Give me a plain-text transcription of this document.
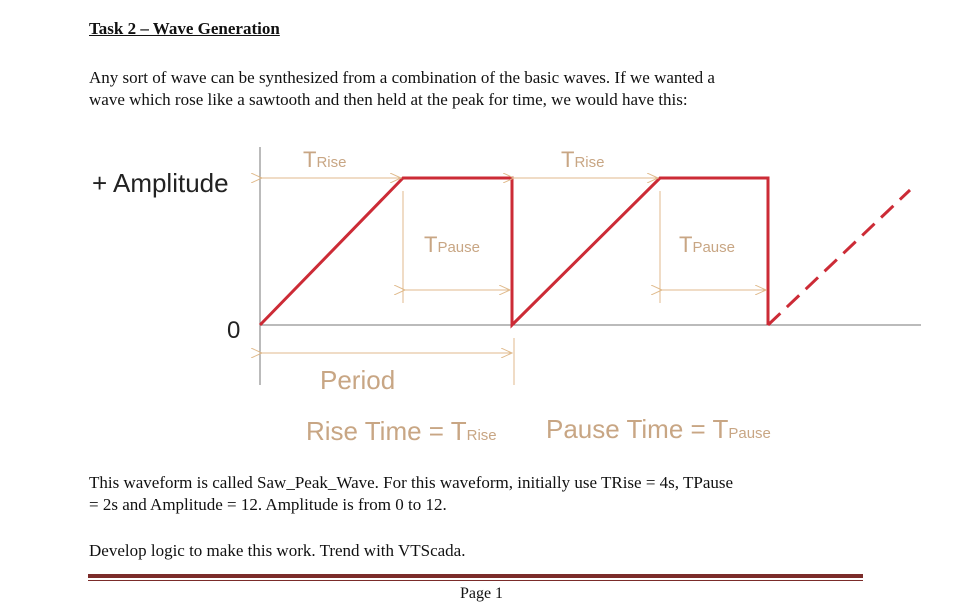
Task 2 – Wave Generation

Any sort of wave can be synthesized from a combination of the basic waves. If we wanted a
wave which rose like a sawtooth and then held at the peak for time, we would have this:

+ Amplitude
0
TRise	TRise
TPause	TPause
Period
Rise Time = TRise Pause Time = TPause

This waveform is called Saw_Peak_Wave. For this waveform, initially use TRise = 4s, TPause
= 2s and Amplitude = 12. Amplitude is from 0 to 12.

Develop logic to make this work. Trend with VTScada.

Page 1
